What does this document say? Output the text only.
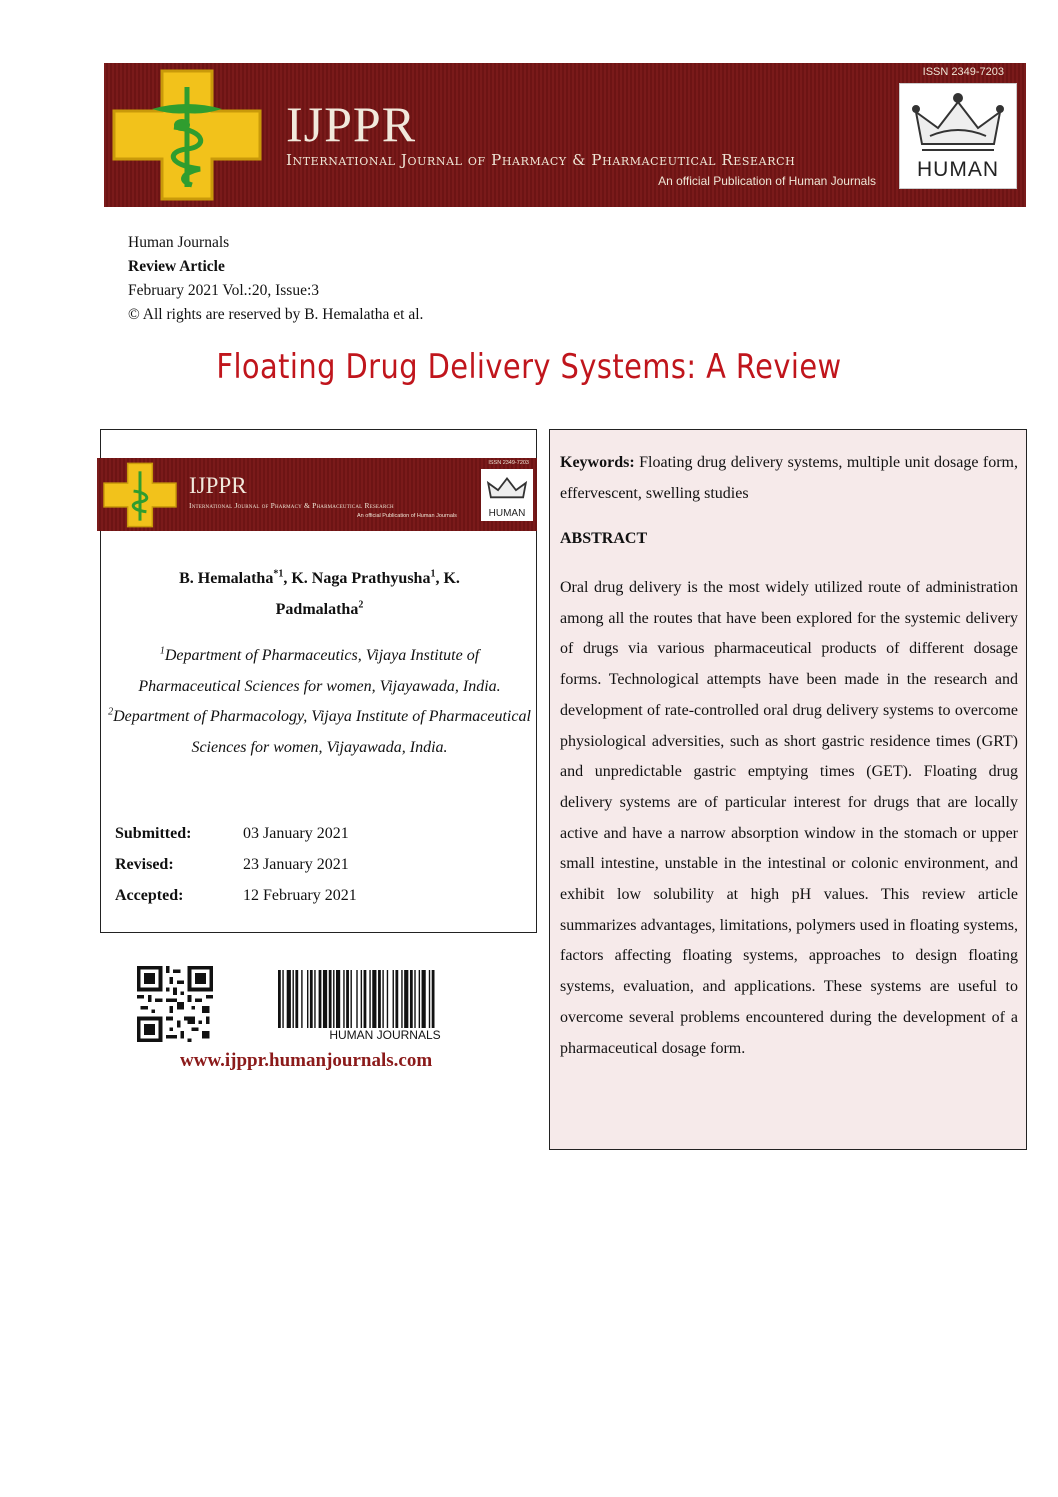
IJPPR
International Journal of Pharmacy & Pharmaceutical Research
An official Publication of Human Journals
ISSN 2349-7203
HUMAN
Human Journals
Review Article
February 2021 Vol.:20, Issue:3
© All rights are reserved by B. Hemalatha et al.
Floating Drug Delivery Systems: A Review
IJPPR
International Journal of Pharmacy & Pharmaceutical Research
An official Publication of Human Journals
ISSN 2349-7203
HUMAN
B. Hemalatha$^{*1}$, K. Naga Prathyusha$^1$, K.
Padmalatha$^2$
$^1$Department of Pharmaceutics, Vijaya Institute of Pharmaceutical Sciences for women, Vijayawada, India.
$^2$Department of Pharmacology, Vijaya Institute of Pharmaceutical Sciences for women, Vijayawada, India.
Submitted:	03 January 2021
Revised:	23 January 2021
Accepted:	12 February 2021
HUMAN JOURNALS
www.ijppr.humanjournals.com
Keywords: Floating drug delivery systems, multiple unit dosage form, effervescent, swelling studies
ABSTRACT
Oral drug delivery is the most widely utilized route of administration among all the routes that have been explored for the systemic delivery of drugs via various pharmaceutical products of different dosage forms. Technological attempts have been made in the research and development of rate-controlled oral drug delivery systems to overcome physiological adversities, such as short gastric residence times (GRT) and unpredictable gastric emptying times (GET). Floating drug delivery systems are of particular interest for drugs that are locally active and have a narrow absorption window in the stomach or upper small intestine, unstable in the intestinal or colonic environment, and exhibit low solubility at high pH values. This review article summarizes advantages, limitations, polymers used in floating systems, factors affecting floating systems, approaches to design floating systems, evaluation, and applications. These systems are useful to overcome several problems encountered during the development of a pharmaceutical dosage form.
